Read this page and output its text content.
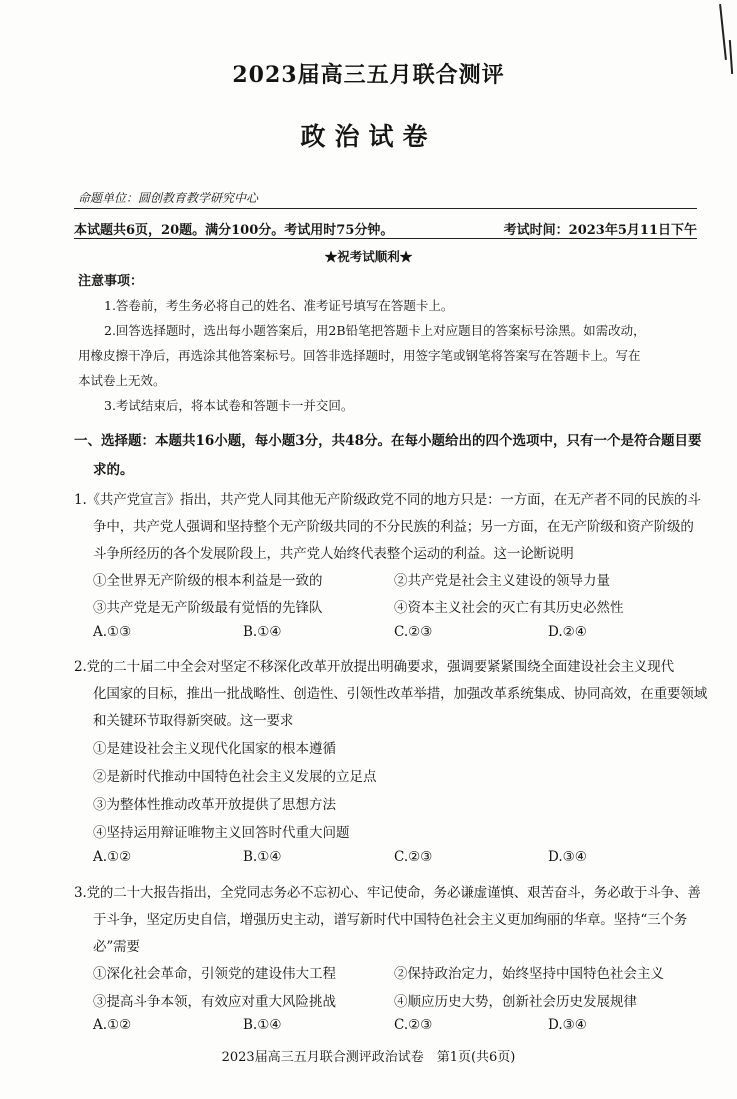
2023届高三五月联合测评
政治试卷
命题单位：圆创教育教学研究中心
本试题共6页，20题。满分100分。考试用时75分钟。	考试时间：2023年5月11日下午
★祝考试顺利★
注意事项：
1.答卷前，考生务必将自己的姓名、准考证号填写在答题卡上。
2.回答选择题时，选出每小题答案后，用2B铅笔把答题卡上对应题目的答案标号涂黑。如需改动，
用橡皮擦干净后，再选涂其他答案标号。回答非选择题时，用签字笔或钢笔将答案写在答题卡上。写在
本试卷上无效。
3.考试结束后，将本试卷和答题卡一并交回。
一、选择题：本题共16小题，每小题3分，共48分。在每小题给出的四个选项中，只有一个是符合题目要
求的。
1.《共产党宣言》指出，共产党人同其他无产阶级政党不同的地方只是：一方面，在无产者不同的民族的斗
争中，共产党人强调和坚持整个无产阶级共同的不分民族的利益；另一方面，在无产阶级和资产阶级的
斗争所经历的各个发展阶段上，共产党人始终代表整个运动的利益。这一论断说明
①全世界无产阶级的根本利益是一致的	②共产党是社会主义建设的领导力量
③共产党是无产阶级最有觉悟的先锋队	④资本主义社会的灭亡有其历史必然性
A.①③	B.①④	C.②③	D.②④
2.党的二十届二中全会对坚定不移深化改革开放提出明确要求，强调要紧紧围绕全面建设社会主义现代
化国家的目标，推出一批战略性、创造性、引领性改革举措，加强改革系统集成、协同高效，在重要领域
和关键环节取得新突破。这一要求
①是建设社会主义现代化国家的根本遵循
②是新时代推动中国特色社会主义发展的立足点
③为整体性推动改革开放提供了思想方法
④坚持运用辩证唯物主义回答时代重大问题
A.①②	B.①④	C.②③	D.③④
3.党的二十大报告指出，全党同志务必不忘初心、牢记使命，务必谦虚谨慎、艰苦奋斗，务必敢于斗争、善
于斗争，坚定历史自信，增强历史主动，谱写新时代中国特色社会主义更加绚丽的华章。坚持“三个务
必”需要
①深化社会革命，引领党的建设伟大工程	②保持政治定力，始终坚持中国特色社会主义
③提高斗争本领，有效应对重大风险挑战	④顺应历史大势，创新社会历史发展规律
A.①②	B.①④	C.②③	D.③④
2023届高三五月联合测评政治试卷　第1页(共6页)
